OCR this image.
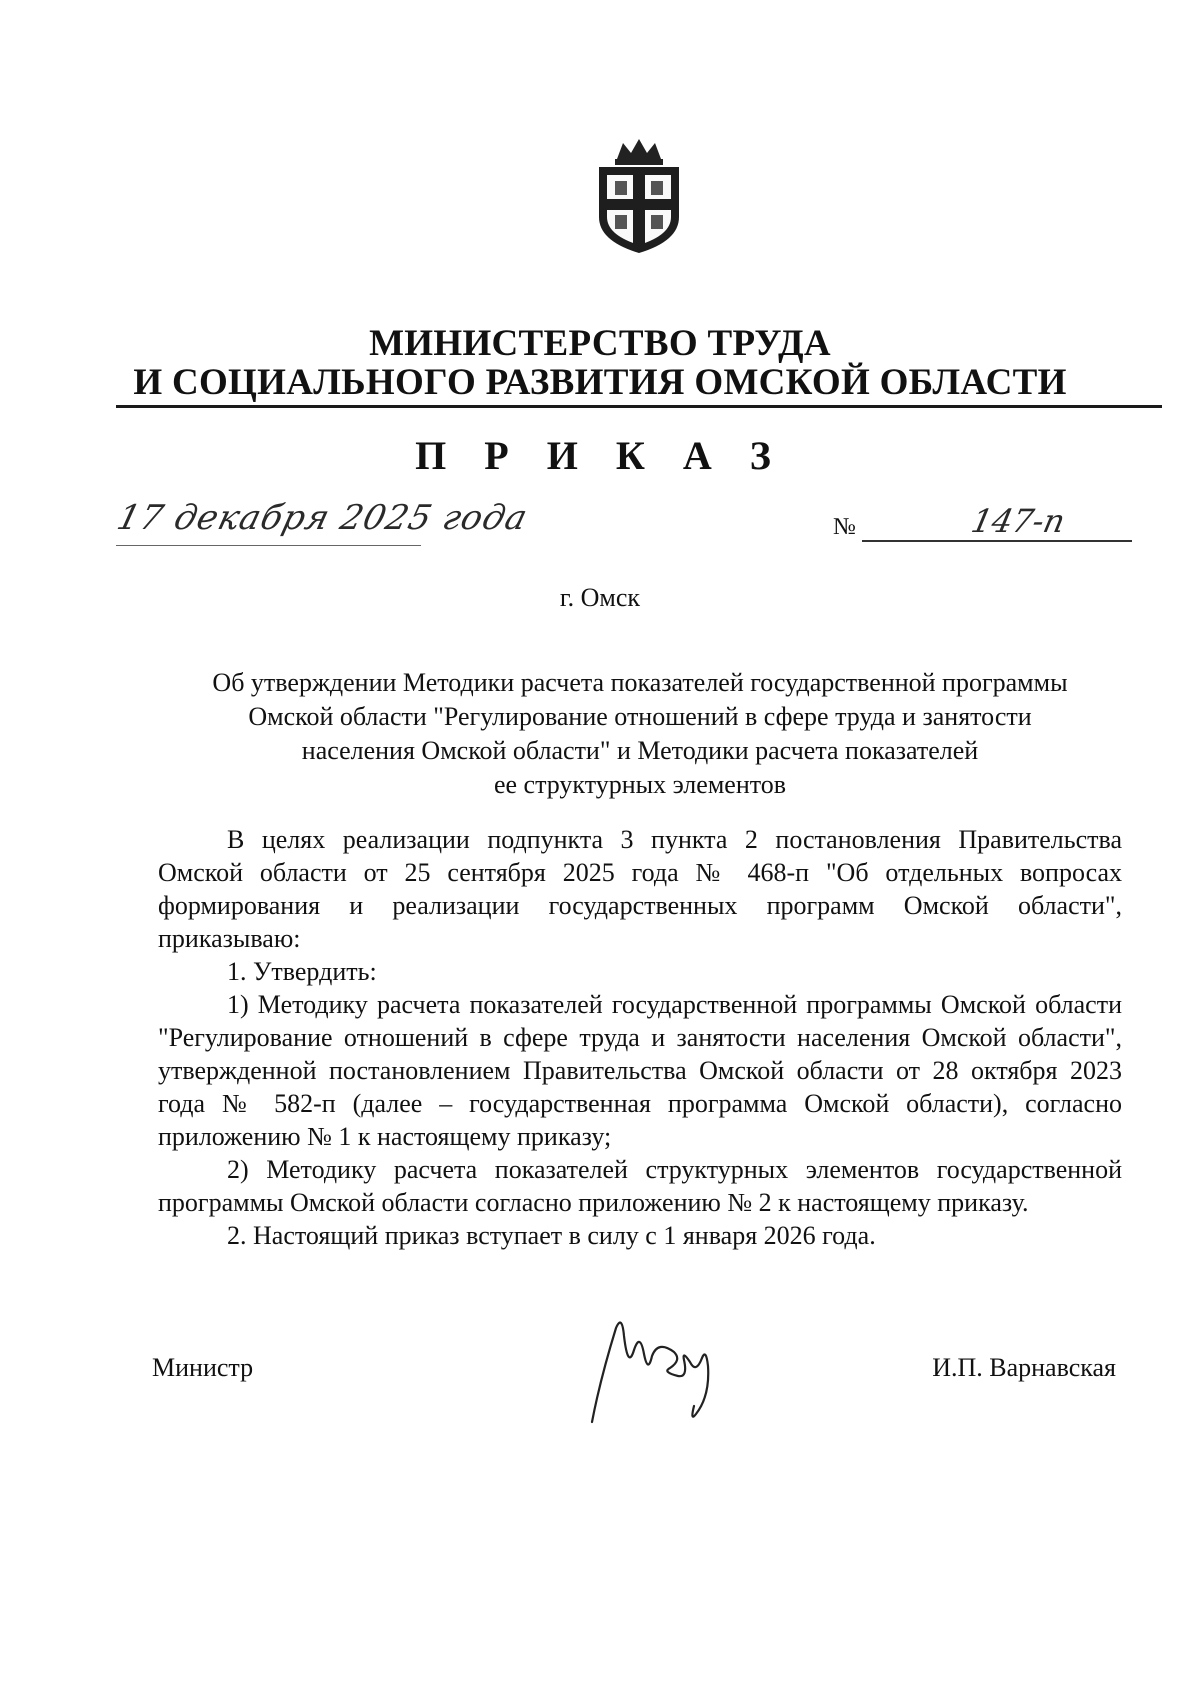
МИНИСТЕРСТВО ТРУДА
И СОЦИАЛЬНОГО РАЗВИТИЯ ОМСКОЙ ОБЛАСТИ
П Р И К А З
17 декабря 2025 года	№	147-п
г. Омск
Об утверждении Методики расчета показателей государственной программы
Омской области "Регулирование отношений в сфере труда и занятости
населения Омской области" и Методики расчета показателей
ее структурных элементов

В целях реализации подпункта 3 пункта 2 постановления Правительства Омской области от 25 сентября 2025 года № 468-п "Об отдельных вопросах формирования и реализации государственных программ Омской области", приказываю:

1. Утвердить:

1) Методику расчета показателей государственной программы Омской области "Регулирование отношений в сфере труда и занятости населения Омской области", утвержденной постановлением Правительства Омской области от 28 октября 2023 года № 582-п (далее – государственная программа Омской области), согласно приложению № 1 к настоящему приказу;

2) Методику расчета показателей структурных элементов государственной программы Омской области согласно приложению № 2 к настоящему приказу.

2. Настоящий приказ вступает в силу с 1 января 2026 года.

Министр	И.П. Варнавская
